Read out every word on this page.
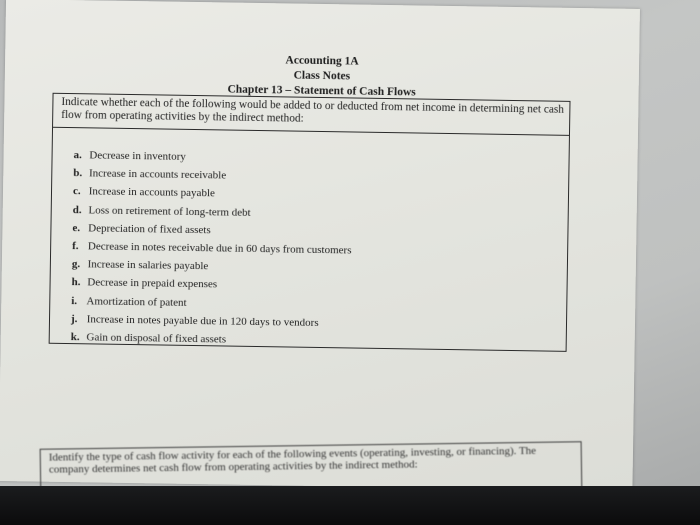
Accounting 1A
Class Notes
Chapter 13 – Statement of Cash Flows
Indicate whether each of the following would be added to or deducted from net income in determining net cash flow from operating activities by the indirect method:
a. Decrease in inventory
b. Increase in accounts receivable
c. Increase in accounts payable
d. Loss on retirement of long-term debt
e. Depreciation of fixed assets
f. Decrease in notes receivable due in 60 days from customers
g. Increase in salaries payable
h. Decrease in prepaid expenses
i. Amortization of patent
j. Increase in notes payable due in 120 days to vendors
k. Gain on disposal of fixed assets
Identify the type of cash flow activity for each of the following events (operating, investing, or financing). The company determines net cash flow from operating activities by the indirect method:
